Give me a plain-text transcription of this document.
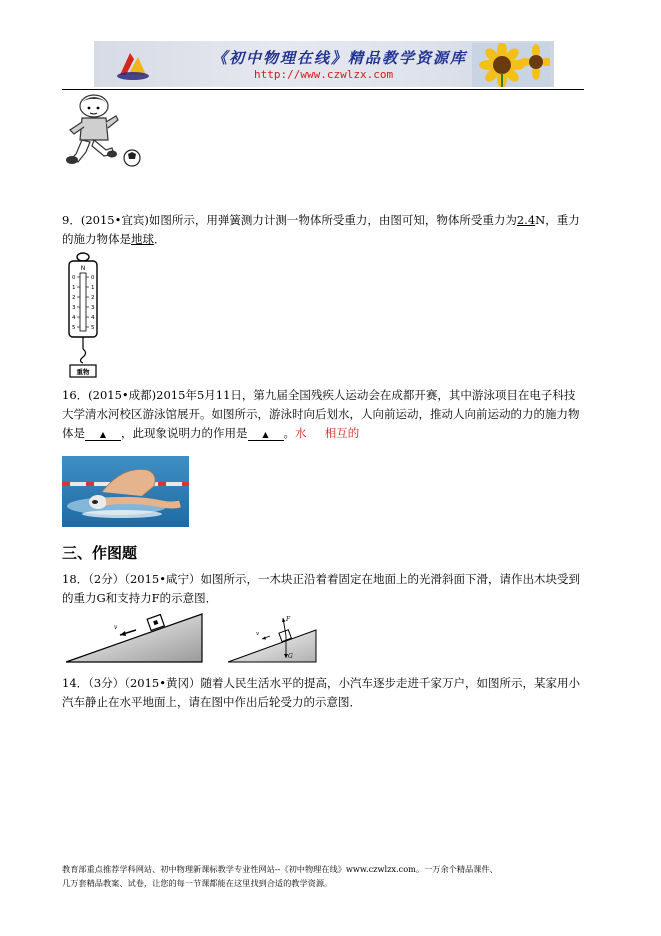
《初中物理在线》精品教学资源库
http://www.czwlzx.com
9．(2015•宜宾)如图所示，用弹簧测力计测一物体所受重力，由图可知，物体所受重力为2.4N，重力的施力物体是地球．
N
0
1
2
3
4
5
0
1
2
3
4
5
重物
16．(2015•成都)2015年5月11日，第九届全国残疾人运动会在成都开赛，其中游泳项目在电子科技大学清水河校区游泳馆展开。如图所示，游泳时向后划水，人向前运动，推动人向前运动的力的施力物体是 ▲ ，此现象说明力的作用是 ▲ 。水 相互的
三、作图题
18．（2分）（2015•咸宁）如图所示，一木块正沿着着固定在地面上的光滑斜面下滑，请作出木块受到的重力G和支持力F的示意图．
v
G
F
v
14．（3分）（2015•黄冈）随着人民生活水平的提高，小汽车逐步走进千家万户，如图所示，某家用小汽车静止在水平地面上，请在图中作出后轮受力的示意图．
教育部重点推荐学科网站、初中物理新课标教学专业性网站--《初中物理在线》www.czwlzx.com。一万余个精品课件、
几万套精品教案、试卷，让您的每一节课都能在这里找到合适的教学资源。
